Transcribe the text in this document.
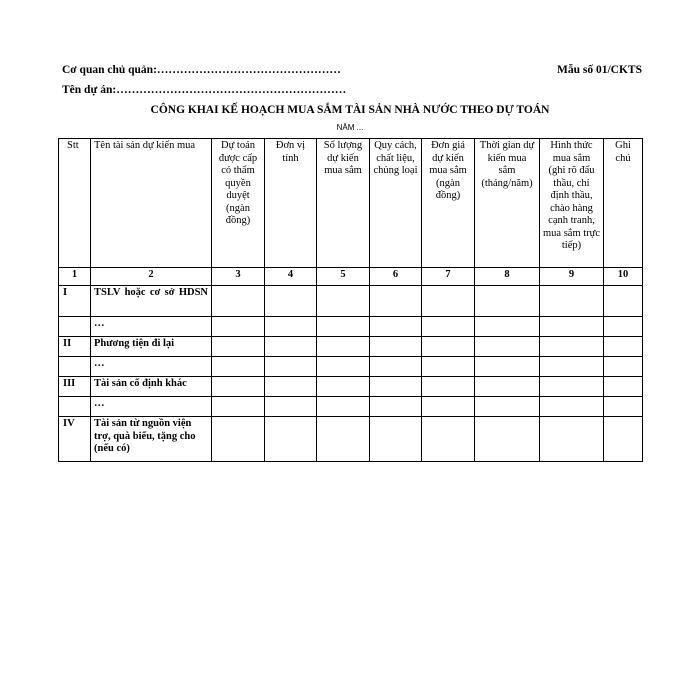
Cơ quan chủ quản:…………………………………………
Tên dự án:……………………………………………………
Mẫu số 01/CKTS
CÔNG KHAI KẾ HOẠCH MUA SẮM TÀI SẢN NHÀ NƯỚC THEO DỰ TOÁN
NĂM ...
Stt	Tên tài sản dự kiến mua	Dự toán được cấp có thẩm quyền duyệt (ngàn đồng)	Đơn vị tính	Số lượng dự kiến mua sắm	Quy cách, chất liệu, chủng loại	Đơn giá dự kiến mua sắm (ngàn đồng)	Thời gian dự kiến mua sắm (tháng/năm)	Hình thức mua sắm (ghi rõ đấu thầu, chỉ định thầu, chào hàng cạnh tranh, mua sắm trực tiếp)	Ghi chú
1	2	3	4	5	6	7	8	9	10
I	TSLV hoặc cơ sở HDSN								
	…								
II	Phương tiện đi lại								
	…								
III	Tài sản cố định khác								
	…								
IV	Tài sản từ nguồn viện trợ, quà biếu, tặng cho (nếu có)								
